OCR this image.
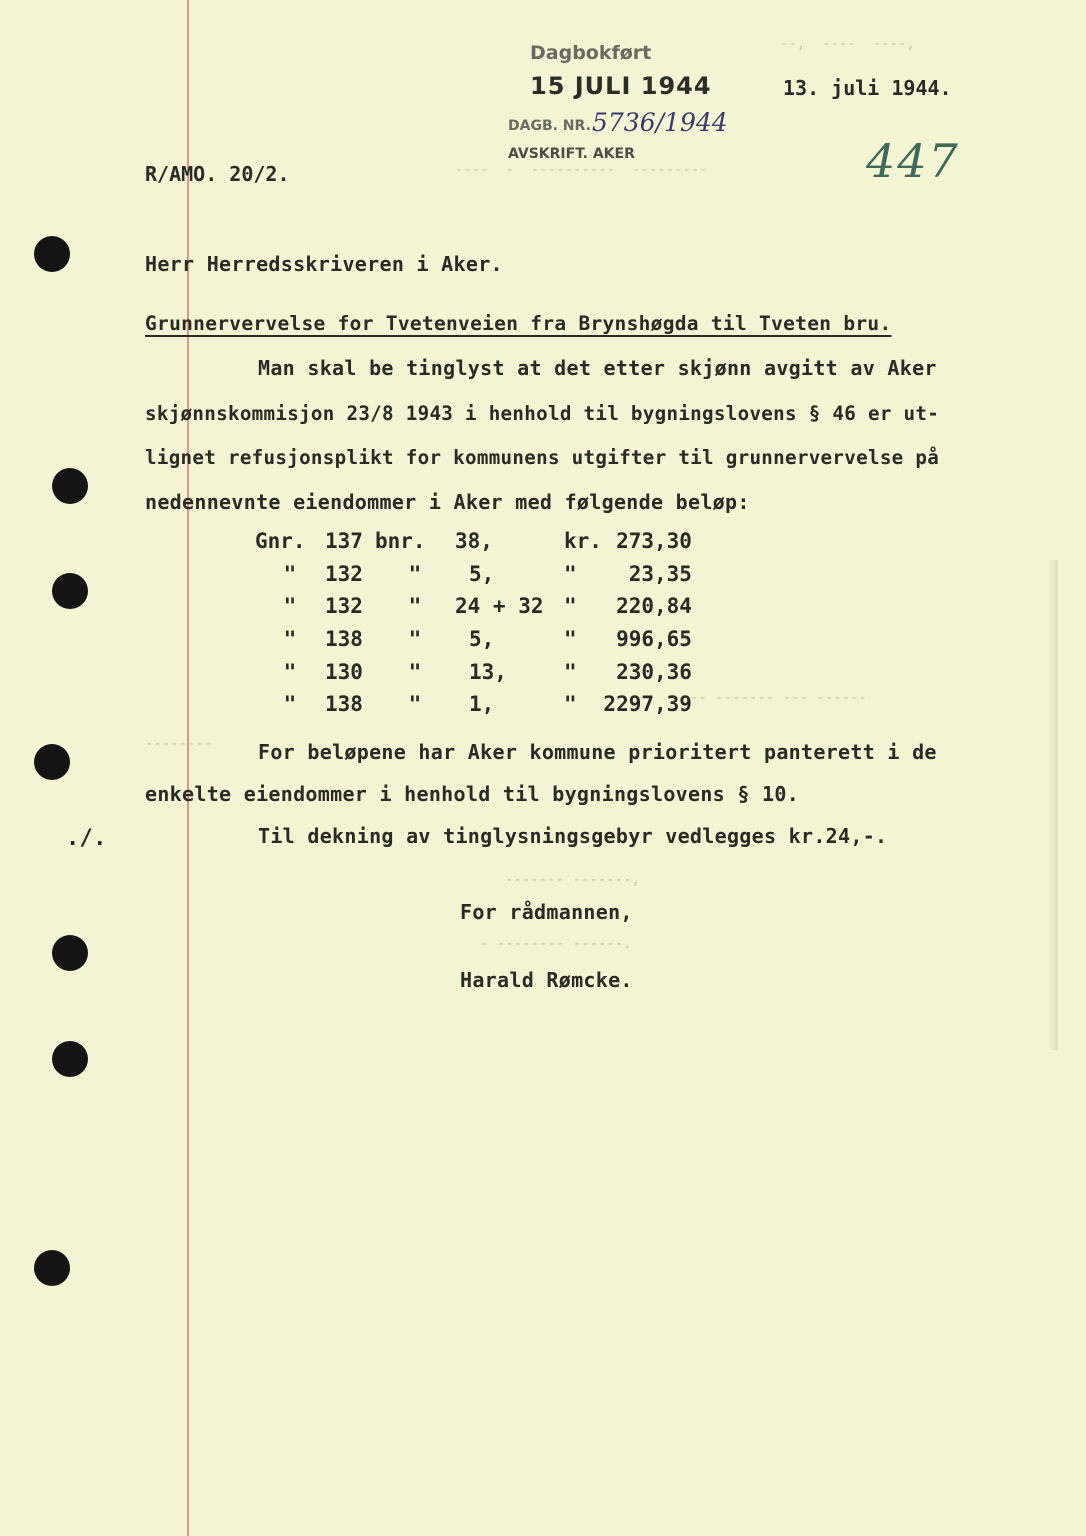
Dagbokført
15 JULI 1944
DAGB. NR. 5736/1944
AVSKRIFT. AKER
--,  ----  ----,
----  -  ----------  ---------
13. juli 1944.
R/AMO. 20/2.	447
Herr Herredsskriveren i Aker.
Grunnervervelse for Tvetenveien fra Brynshøgda til Tveten bru.
Man skal be tinglyst at det etter skjønn avgitt av Aker
skjønnskommisjon 23/8 1943 i henhold til bygningslovens § 46 er ut-
lignet refusjonsplikt for kommunens utgifter til grunnervervelse på
nedennevnte eiendommer i Aker med følgende beløp:
Gnr.	137	bnr.	38,	kr.	273,30
"	132	"	5,	"	23,35
"	132	"	24 + 32	"	220,84
"	138	"	5,	"	996,65
"	130	"	13,	"	230,36
"	138	"	1,	"	2297,39
--------
-- ------- --- ------
For beløpene har Aker kommune prioritert panterett i de
enkelte eiendommer i henhold til bygningslovens § 10.
./.	Til dekning av tinglysningsgebyr vedlegges kr.24,-.
------- -------,
For rådmannen,
- -------- ------.
Harald Rømcke.
